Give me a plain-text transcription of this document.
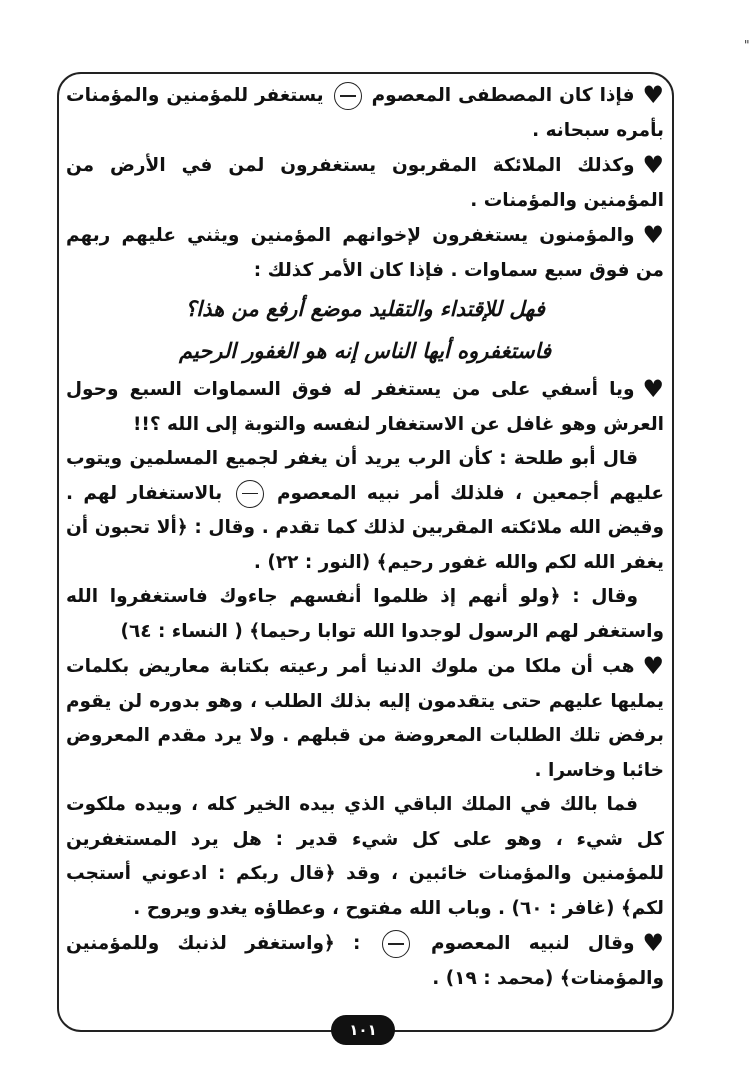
♥فإذا كان المصطفى المعصوم  يستغفر للمؤمنين والمؤمنات بأمره سبحانه .

♥وكذلك الملائكة المقربون يستغفرون لمن في الأرض من المؤمنين والمؤمنات .

♥والمؤمنون يستغفرون لإخوانهم المؤمنين ويثني عليهم ربهم من فوق سبع سماوات . فإذا كان الأمر كذلك :

فهل للإقتداء والتقليد موضع أرفع من هذا؟

فاستغفروه أيها الناس إنه هو الغفور الرحيم

♥ويا أسفي على من يستغفر له فوق السماوات السبع وحول العرش وهو غافل عن الاستغفار لنفسه والتوبة إلى الله ؟!!

قال أبو طلحة : كأن الرب يريد أن يغفر لجميع المسلمين ويتوب عليهم أجمعين ، فلذلك أمر نبيه المعصوم  بالاستغفار لهم . وقيض الله ملائكته المقربين لذلك كما تقدم . وقال : ﴿ألا تحبون أن يغفر الله لكم والله غفور رحيم﴾ (النور : ٢٢) .

وقال : ﴿ولو أنهم إذ ظلموا أنفسهم جاءوك فاستغفروا الله واستغفر لهم الرسول لوجدوا الله توابا رحيما﴾ ( النساء : ٦٤)

♥هب أن ملكا من ملوك الدنيا أمر رعيته بكتابة معاريض بكلمات يمليها عليهم حتى يتقدمون إليه بذلك الطلب ، وهو بدوره لن يقوم برفض تلك الطلبات المعروضة من قبلهم . ولا يرد مقدم المعروض خائبا وخاسرا .

فما بالك في الملك الباقي الذي بيده الخير كله ، وبيده ملكوت كل شيء ، وهو على كل شيء قدير : هل يرد المستغفرين للمؤمنين والمؤمنات خائبين ، وقد ﴿قال ربكم : ادعوني أستجب لكم﴾ (غافر : ٦٠) . وباب الله مفتوح ، وعطاؤه يغدو ويروح .

♥وقال لنبيه المعصوم  : ﴿واستغفر لذنبك وللمؤمنين والمؤمنات﴾ (محمد : ١٩) .

١٠١
"
